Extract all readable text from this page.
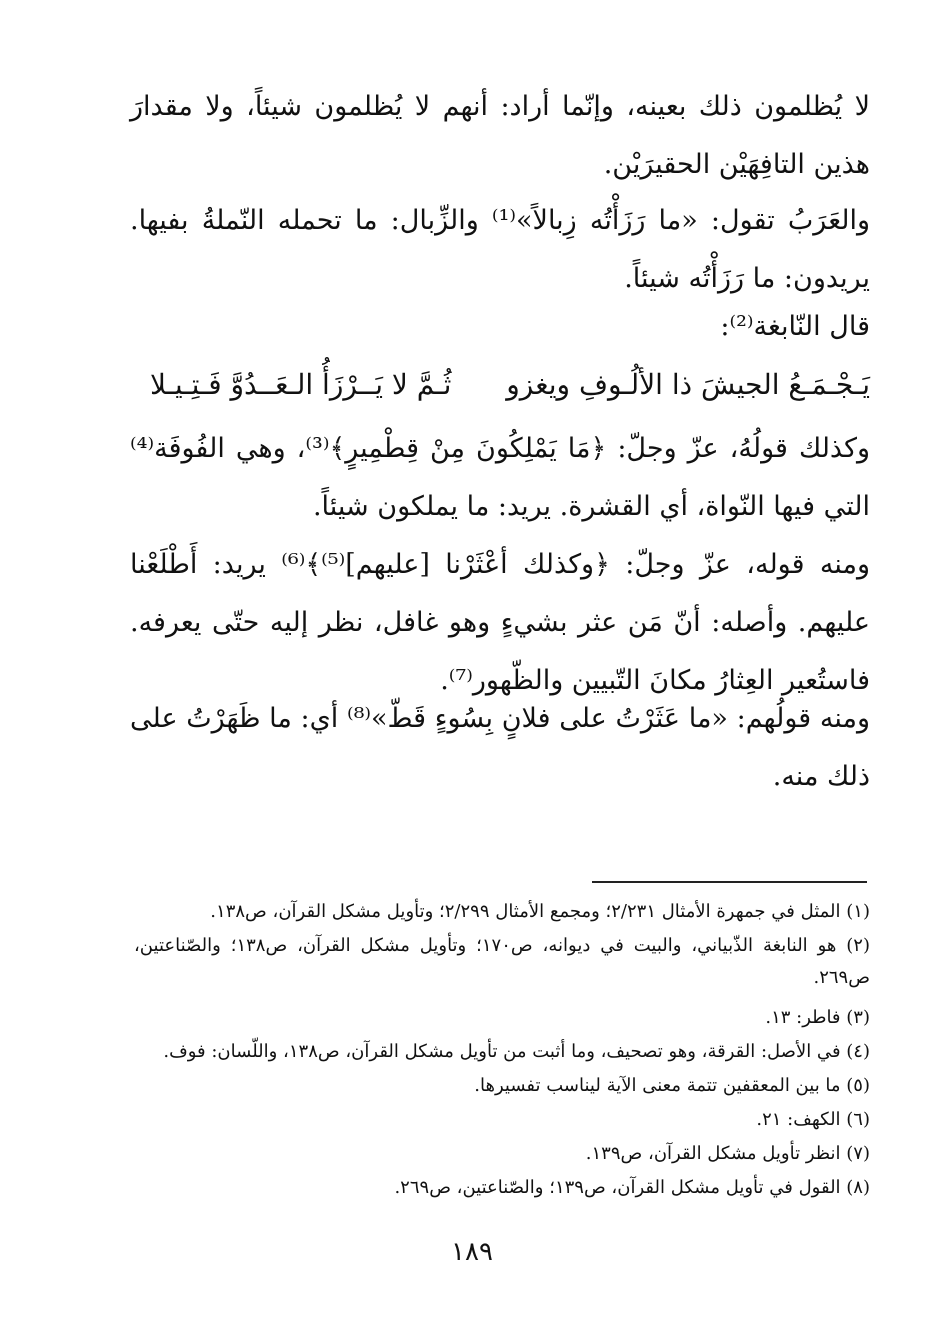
لا يُظلمون ذلك بعينه، وإنّما أراد: أنهم لا يُظلمون شيئاً، ولا مقدارَ هذين التافِهَيْن الحقيرَيْن.
والعَرَبُ تقول: «ما رَزَأْتُه زِبالاً»⁽¹⁾ والزِّبال: ما تحمله النّملةُ بفيها. يريدون: ما رَزَأْتُه شيئاً.
قال النّابغة⁽²⁾:
يَـجْـمَـعُ الجيشَ ذا الألُـوفِ ويغزو
ثُـمَّ لا يَــرْزَأُ الـعَــدُوَّ فَـتِـيـلا
وكذلك قولُهُ، عزّ وجلّ: ﴿مَا يَمْلِكُونَ مِنْ قِطْمِيرٍ﴾⁽³⁾، وهي الفُوفَة⁽⁴⁾ التي فيها النّواة، أي القشرة. يريد: ما يملكون شيئاً.
ومنه قوله، عزّ وجلّ: ﴿وكذلك أعْثَرْنا [عليهم]⁽⁵⁾﴾⁽⁶⁾ يريد: أَطْلَعْنا عليهم. وأصله: أنّ مَن عثر بشيءٍ وهو غافل، نظر إليه حتّى يعرفه. فاستُعير العِثارُ مكانَ التّبيين والظّهور⁽⁷⁾.
ومنه قولُهم: «ما عَثَرْتُ على فلانٍ بِسُوءٍ قَطّ»⁽⁸⁾ أي: ما ظَهَرْتُ على ذلك منه.
(١) المثل في جمهرة الأمثال ٢/٢٣١؛ ومجمع الأمثال ٢/٢٩٩؛ وتأويل مشكل القرآن، ص١٣٨.
(٢) هو النابغة الذّبياني، والبيت في ديوانه، ص١٧٠؛ وتأويل مشكل القرآن، ص١٣٨؛ والصّناعتين، ص٢٦٩.
(٣) فاطر: ١٣.
(٤) في الأصل: القرقة، وهو تصحيف، وما أثبت من تأويل مشكل القرآن، ص١٣٨، واللّسان: فوف.
(٥) ما بين المعقفين تتمة معنى الآية ليناسب تفسيرها.
(٦) الكهف: ٢١.
(٧) انظر تأويل مشكل القرآن، ص١٣٩.
(٨) القول في تأويل مشكل القرآن، ص١٣٩؛ والصّناعتين، ص٢٦٩.
١٨٩
